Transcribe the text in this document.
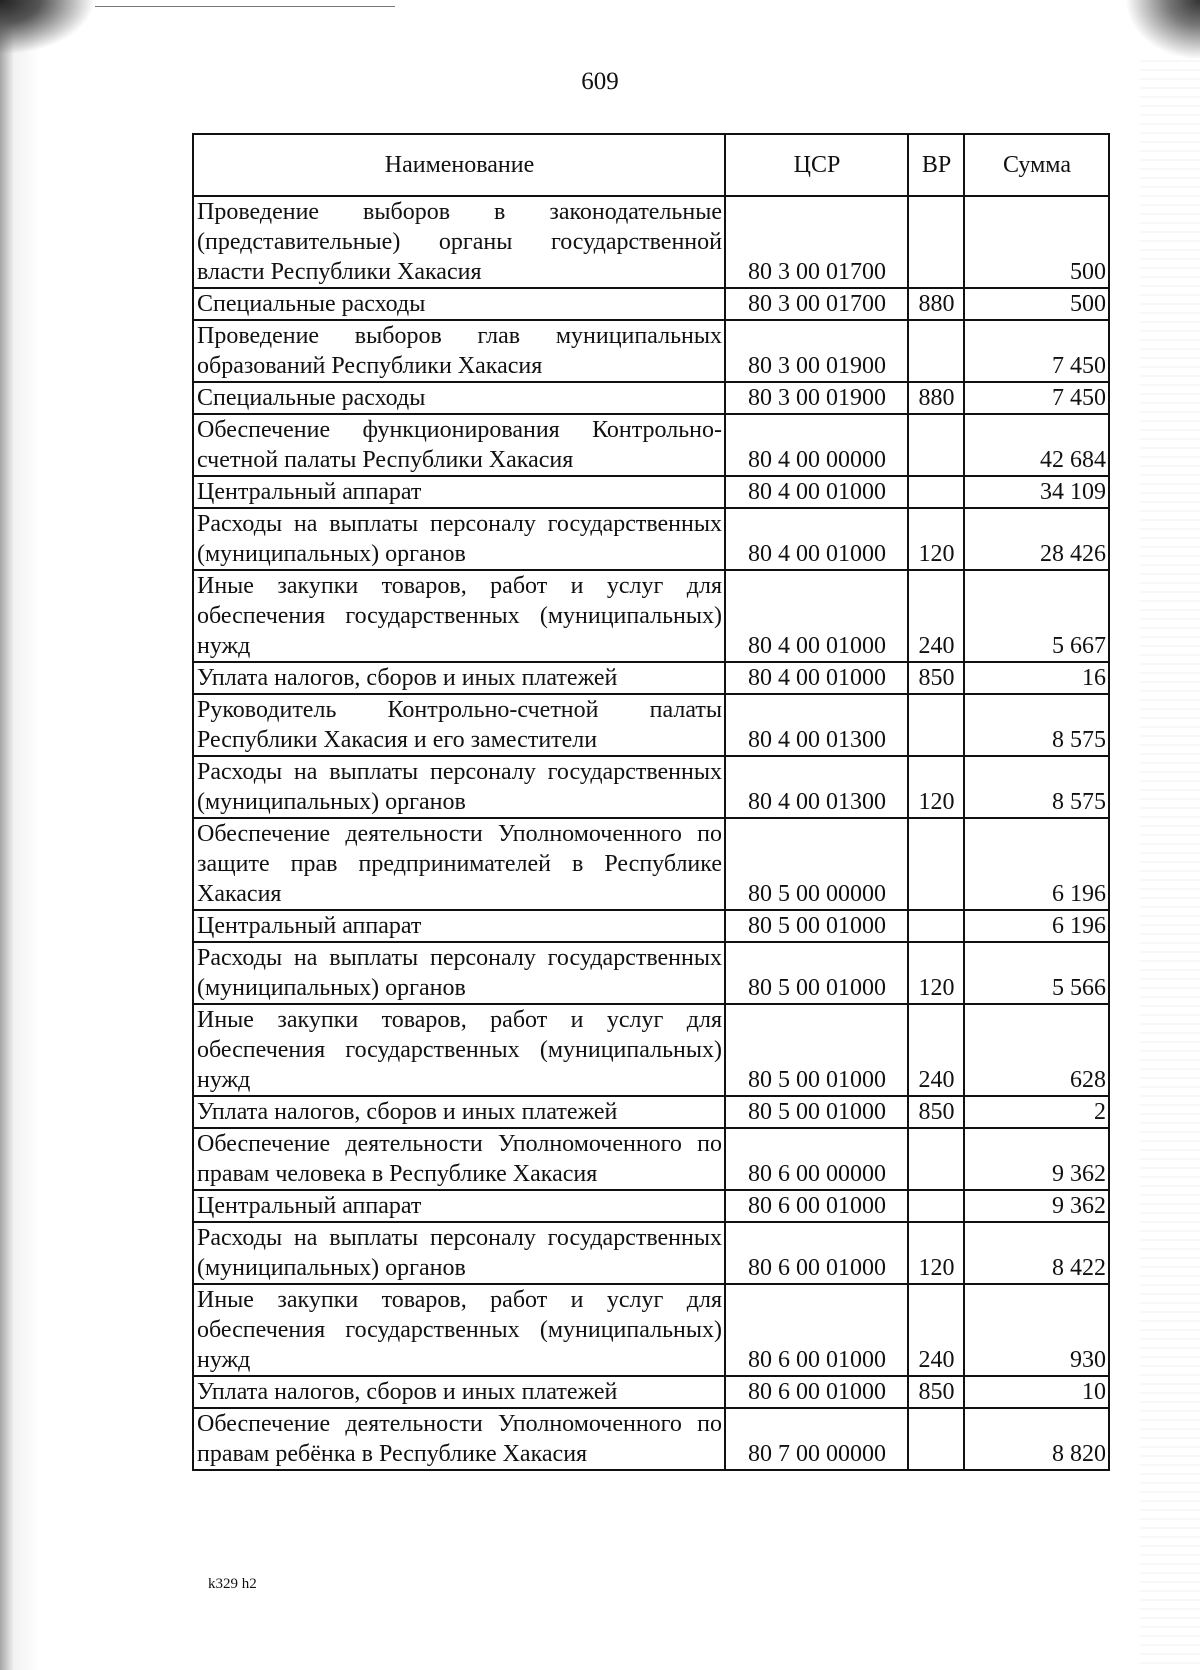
609
Наименование	ЦСР	ВР	Сумма
Проведение выборов в законодательные (представительные) органы государственной власти Республики Хакасия	80 3 00 01700		500
Специальные расходы	80 3 00 01700	880	500
Проведение выборов глав муниципальных образований Республики Хакасия	80 3 00 01900		7 450
Специальные расходы	80 3 00 01900	880	7 450
Обеспечение функционирования Контрольно-счетной палаты Республики Хакасия	80 4 00 00000		42 684
Центральный аппарат	80 4 00 01000		34 109
Расходы на выплаты персоналу государственных (муниципальных) органов	80 4 00 01000	120	28 426
Иные закупки товаров, работ и услуг для обеспечения государственных (муниципальных) нужд	80 4 00 01000	240	5 667
Уплата налогов, сборов и иных платежей	80 4 00 01000	850	16
Руководитель Контрольно-счетной палаты Республики Хакасия и его заместители	80 4 00 01300		8 575
Расходы на выплаты персоналу государственных (муниципальных) органов	80 4 00 01300	120	8 575
Обеспечение деятельности Уполномоченного по защите прав предпринимателей в Республике Хакасия	80 5 00 00000		6 196
Центральный аппарат	80 5 00 01000		6 196
Расходы на выплаты персоналу государственных (муниципальных) органов	80 5 00 01000	120	5 566
Иные закупки товаров, работ и услуг для обеспечения государственных (муниципальных) нужд	80 5 00 01000	240	628
Уплата налогов, сборов и иных платежей	80 5 00 01000	850	2
Обеспечение деятельности Уполномоченного по правам человека в Республике Хакасия	80 6 00 00000		9 362
Центральный аппарат	80 6 00 01000		9 362
Расходы на выплаты персоналу государственных (муниципальных) органов	80 6 00 01000	120	8 422
Иные закупки товаров, работ и услуг для обеспечения государственных (муниципальных) нужд	80 6 00 01000	240	930
Уплата налогов, сборов и иных платежей	80 6 00 01000	850	10
Обеспечение деятельности Уполномоченного по правам ребёнка в Республике Хакасия	80 7 00 00000		8 820
k329 h2
